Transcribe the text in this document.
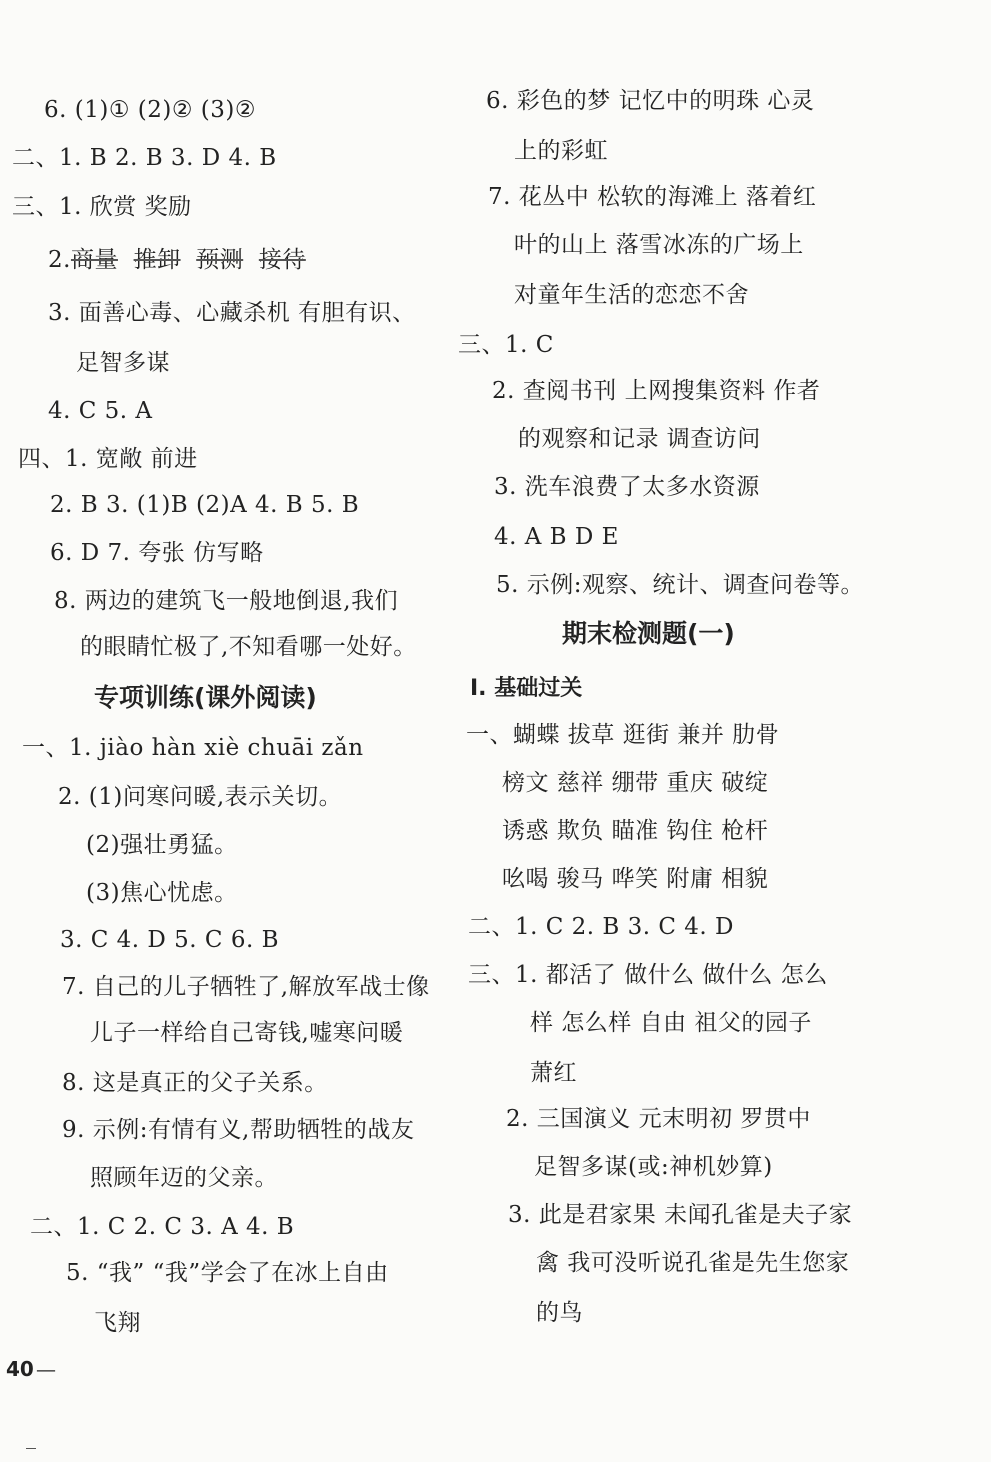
6. (1)① (2)② (3)②
二、1. B 2. B 3. D 4. B
三、1. 欣赏 奖励
2.商量 推卸 预测 接待
3. 面善心毒、心藏杀机 有胆有识、
足智多谋
4. C 5. A
四、1. 宽敞 前进
2. B 3. (1)B (2)A 4. B 5. B
6. D 7. 夸张 仿写略
8. 两边的建筑飞一般地倒退,我们
的眼睛忙极了,不知看哪一处好。
专项训练(课外阅读)
一、1. jiào hàn xiè chuāi zǎn
2. (1)问寒问暖,表示关切。
(2)强壮勇猛。
(3)焦心忧虑。
3. C 4. D 5. C 6. B
7. 自己的儿子牺牲了,解放军战士像
儿子一样给自己寄钱,嘘寒问暖
8. 这是真正的父子关系。
9. 示例:有情有义,帮助牺牲的战友
照顾年迈的父亲。
二、1. C 2. C 3. A 4. B
5. “我” “我”学会了在冰上自由
飞翔
6. 彩色的梦 记忆中的明珠 心灵
上的彩虹
7. 花丛中 松软的海滩上 落着红
叶的山上 落雪冰冻的广场上
对童年生活的恋恋不舍
三、1. C
2. 查阅书刊 上网搜集资料 作者
的观察和记录 调查访问
3. 洗车浪费了太多水资源
4. A B D E
5. 示例:观察、统计、调查问卷等。
期末检测题(一)
Ⅰ. 基础过关
一、蝴蝶 拔草 逛街 兼并 肋骨
榜文 慈祥 绷带 重庆 破绽
诱惑 欺负 瞄准 钩住 枪杆
吆喝 骏马 哗笑 附庸 相貌
二、1. C 2. B 3. C 4. D
三、1. 都活了 做什么 做什么 怎么
样 怎么样 自由 祖父的园子
萧红
2. 三国演义 元末明初 罗贯中
足智多谋(或:神机妙算)
3. 此是君家果 未闻孔雀是夫子家
禽 我可没听说孔雀是先生您家
的鸟
40 —
